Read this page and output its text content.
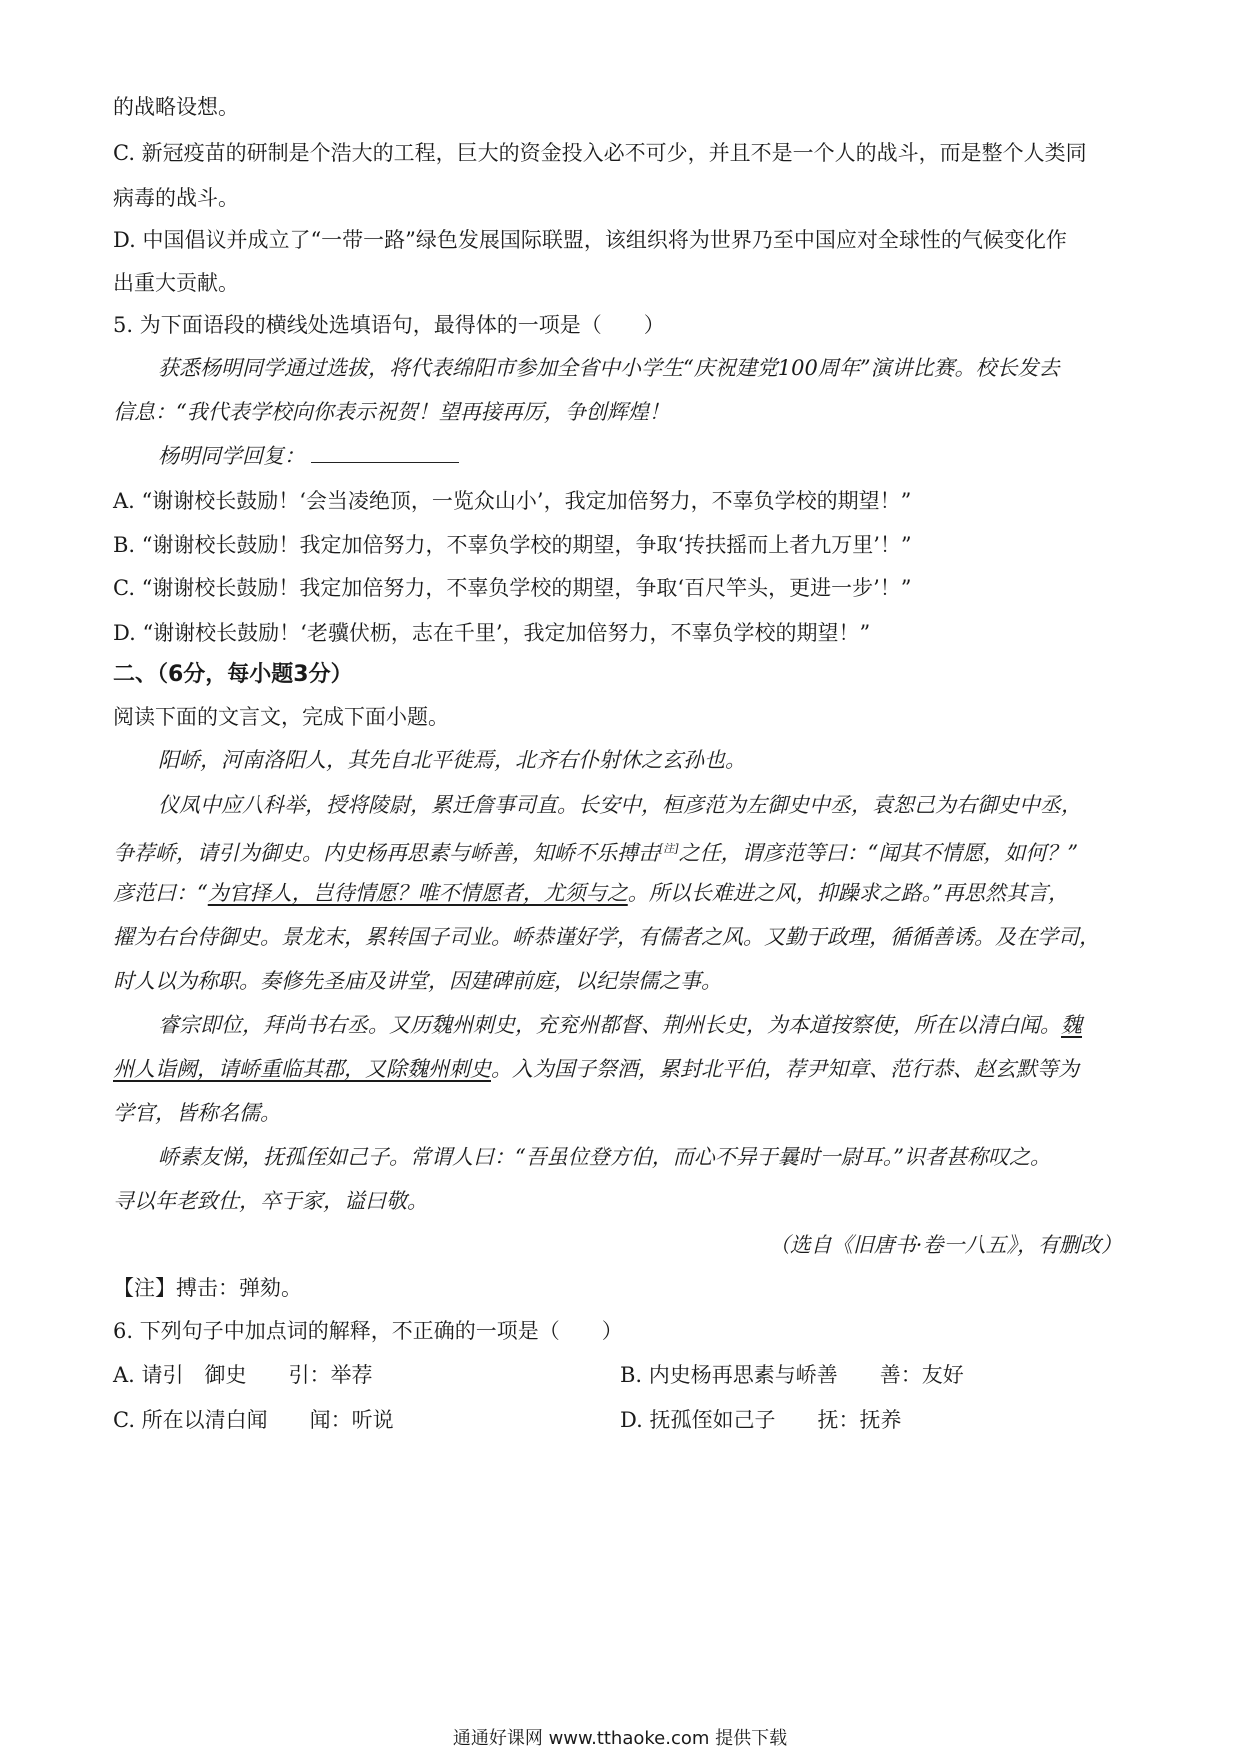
的战略设想。
C. 新冠疫苗的研制是个浩大的工程，巨大的资金投入必不可少，并且不是一个人的战斗，而是整个人类同
病毒的战斗。
D. 中国倡议并成立了“一带一路”绿色发展国际联盟，该组织将为世界乃至中国应对全球性的气候变化作
出重大贡献。
5. 为下面语段的横线处选填语句，最得体的一项是（　　）
获悉杨明同学通过选拔，将代表绵阳市参加全省中小学生“庆祝建党100周年”演讲比赛。校长发去
信息：“我代表学校向你表示祝贺！望再接再厉，争创辉煌！
杨明同学回复：
A. “谢谢校长鼓励！‘会当凌绝顶，一览众山小’，我定加倍努力，不辜负学校的期望！”
B. “谢谢校长鼓励！我定加倍努力，不辜负学校的期望，争取‘抟扶摇而上者九万里’！”
C. “谢谢校长鼓励！我定加倍努力，不辜负学校的期望，争取‘百尺竿头，更进一步’！”
D. “谢谢校长鼓励！‘老骥伏枥，志在千里’，我定加倍努力，不辜负学校的期望！”
二、（6分，每小题3分）
阅读下面的文言文，完成下面小题。
阳峤，河南洛阳人，其先自北平徙焉，北齐右仆射休之玄孙也。
仪凤中应八科举，授将陵尉，累迁詹事司直。长安中，桓彦范为左御史中丞，袁恕己为右御史中丞，
争荐峤，请引为御史。内史杨再思素与峤善，知峤不乐搏击[注]之任，谓彦范等曰：“闻其不情愿，如何？”
彦范曰：“为官择人，岂待情愿？唯不情愿者，尤须与之。所以长难进之风，抑躁求之路。”再思然其言，
擢为右台侍御史。景龙末，累转国子司业。峤恭谨好学，有儒者之风。又勤于政理，循循善诱。及在学司，
时人以为称职。奏修先圣庙及讲堂，因建碑前庭，以纪崇儒之事。
睿宗即位，拜尚书右丞。又历魏州刺史，充兖州都督、荆州长史，为本道按察使，所在以清白闻。魏
州人诣阙，请峤重临其郡，又除魏州刺史。入为国子祭酒，累封北平伯，荐尹知章、范行恭、赵玄默等为
学官，皆称名儒。
峤素友悌，抚孤侄如己子。常谓人曰：“吾虽位登方伯，而心不异于曩时一尉耳。”识者甚称叹之。
寻以年老致仕，卒于家，谥曰敬。
（选自《旧唐书·卷一八五》，有删改）
【注】搏击：弹劾。
6. 下列句子中加点词的解释，不正确的一项是（　　）
A. 请引　御史　　引：举荐	B. 内史杨再思素与峤善　　善：友好
C. 所在以清白闻　　闻：听说	D. 抚孤侄如己子　　抚：抚养
通通好课网 www.tthaoke.com 提供下载
